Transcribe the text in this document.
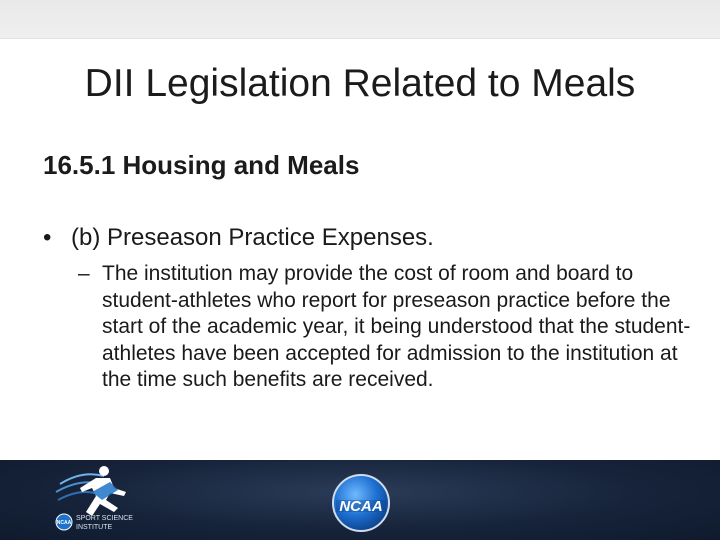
DII Legislation Related to Meals
16.5.1 Housing and Meals
• (b) Preseason Practice Expenses.
– The institution may provide the cost of room and board to student-athletes who report for preseason practice before the start of the academic year, it being understood that the student-athletes have been accepted for admission to the institution at the time such benefits are received.
NCAA
SPORT SCIENCE
INSTITUTE
NCAA
